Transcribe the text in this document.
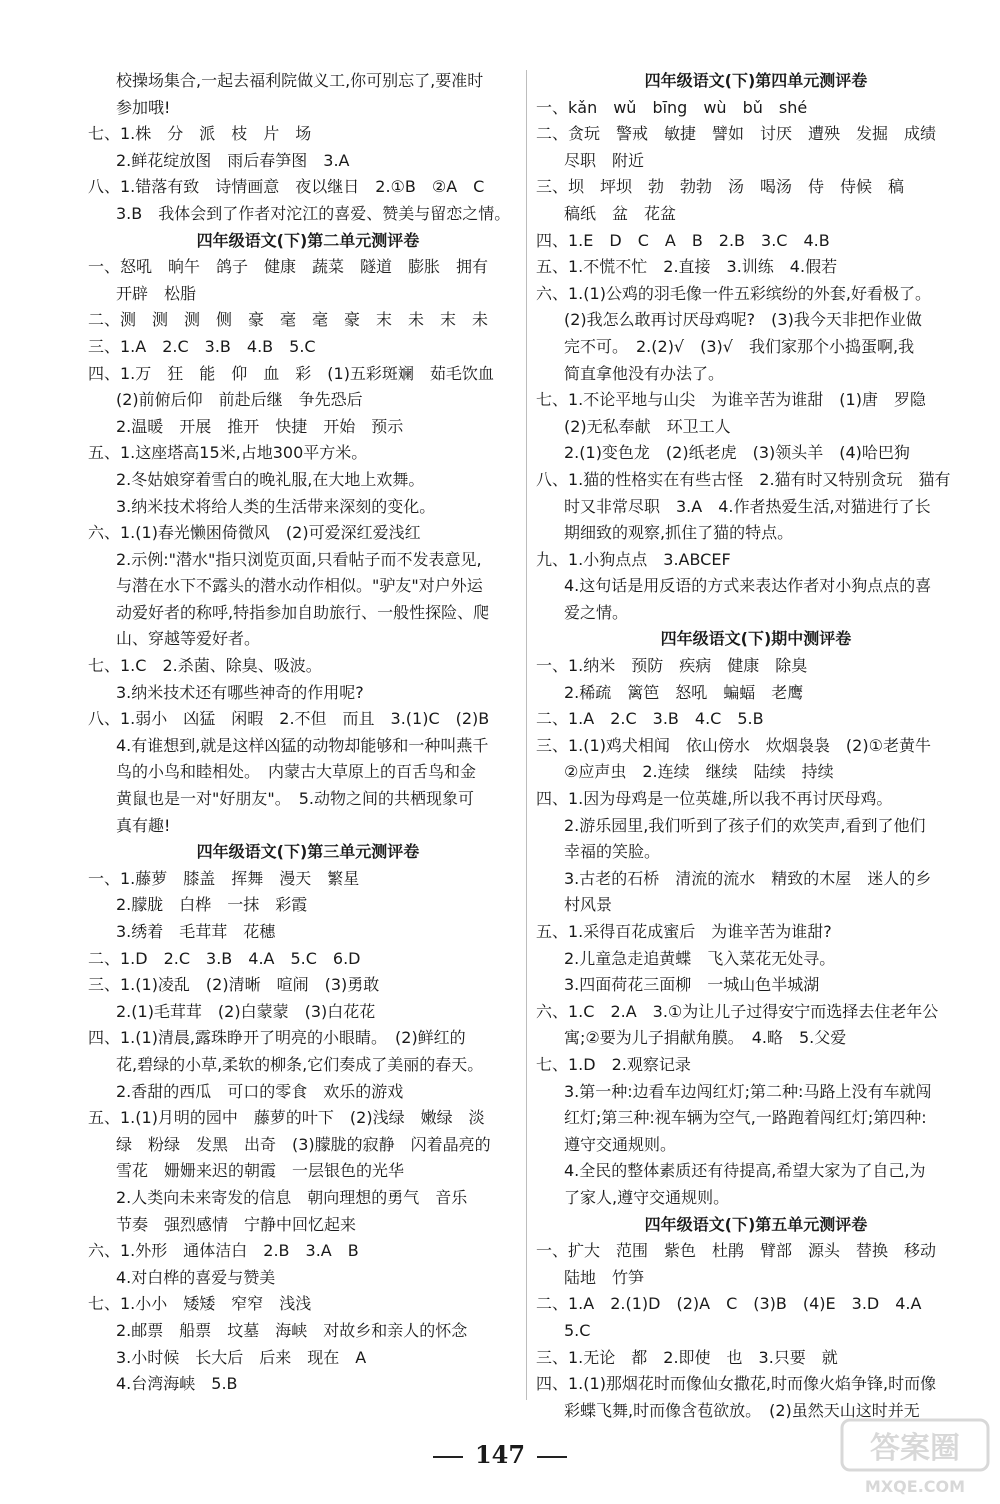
校操场集合,一起去福利院做义工,你可别忘了,要准时
参加哦!
七、1.株　分　派　枝　片　场
2.鲜花绽放图　雨后春笋图　3.A
八、1.错落有致　诗情画意　夜以继日　2.①B　②A　C
3.B　我体会到了作者对沱江的喜爱、赞美与留恋之情。
四年级语文(下)第二单元测评卷
一、怒吼　晌午　鸽子　健康　蔬菜　隧道　膨胀　拥有
开辟　松脂
二、测　测　测　侧　豪　毫　毫　豪　末　未　末　未
三、1.A　2.C　3.B　4.B　5.C
四、1.万　狂　能　仰　血　彩　(1)五彩斑斓　茹毛饮血
(2)前俯后仰　前赴后继　争先恐后
2.温暖　开展　推开　快捷　开始　预示
五、1.这座塔高15米,占地300平方米。
2.冬姑娘穿着雪白的晚礼服,在大地上欢舞。
3.纳米技术将给人类的生活带来深刻的变化。
六、1.(1)春光懒困倚微风　(2)可爱深红爱浅红
2.示例:"潜水"指只浏览页面,只看帖子而不发表意见,
与潜在水下不露头的潜水动作相似。"驴友"对户外运
动爱好者的称呼,特指参加自助旅行、一般性探险、爬
山、穿越等爱好者。
七、1.C　2.杀菌、除臭、吸波。
3.纳米技术还有哪些神奇的作用呢?
八、1.弱小　凶猛　闲暇　2.不但　而且　3.(1)C　(2)B
4.有谁想到,就是这样凶猛的动物却能够和一种叫燕千
鸟的小鸟和睦相处。　内蒙古大草原上的百舌鸟和金
黄鼠也是一对"好朋友"。　5.动物之间的共栖现象可
真有趣!
四年级语文(下)第三单元测评卷
一、1.藤萝　膝盖　挥舞　漫天　繁星
2.朦胧　白桦　一抹　彩霞
3.绣着　毛茸茸　花穗
二、1.D　2.C　3.B　4.A　5.C　6.D
三、1.(1)凌乱　(2)清晰　喧闹　(3)勇敢
2.(1)毛茸茸　(2)白蒙蒙　(3)白花花
四、1.(1)清晨,露珠睁开了明亮的小眼睛。　(2)鲜红的
花,碧绿的小草,柔软的柳条,它们奏成了美丽的春天。
2.香甜的西瓜　可口的零食　欢乐的游戏
五、1.(1)月明的园中　藤萝的叶下　(2)浅绿　嫩绿　淡
绿　粉绿　发黑　出奇　(3)朦胧的寂静　闪着晶亮的
雪花　姗姗来迟的朝霞　一层银色的光华
2.人类向未来寄发的信息　朝向理想的勇气　音乐
节奏　强烈感情　宁静中回忆起来
六、1.外形　通体洁白　2.B　3.A　B
4.对白桦的喜爱与赞美
七、1.小小　矮矮　窄窄　浅浅
2.邮票　船票　坟墓　海峡　对故乡和亲人的怀念
3.小时候　长大后　后来　现在　A
4.台湾海峡　5.B
四年级语文(下)第四单元测评卷
一、kǎn　wǔ　bīng　wù　bǔ　shé
二、贪玩　警戒　敏捷　譬如　讨厌　遭殃　发掘　成绩
尽职　附近
三、坝　坪坝　勃　勃勃　汤　喝汤　侍　侍候　稿
稿纸　盆　花盆
四、1.E　D　C　A　B　2.B　3.C　4.B
五、1.不慌不忙　2.直接　3.训练　4.假若
六、1.(1)公鸡的羽毛像一件五彩缤纷的外套,好看极了。
(2)我怎么敢再讨厌母鸡呢?　(3)我今天非把作业做
完不可。　2.(2)√　(3)√　我们家那个小捣蛋啊,我
简直拿他没有办法了。
七、1.不论平地与山尖　为谁辛苦为谁甜　(1)唐　罗隐
(2)无私奉献　环卫工人
2.(1)变色龙　(2)纸老虎　(3)领头羊　(4)哈巴狗
八、1.猫的性格实在有些古怪　2.猫有时又特别贪玩　猫有
时又非常尽职　3.A　4.作者热爱生活,对猫进行了长
期细致的观察,抓住了猫的特点。
九、1.小狗点点　3.ABCEF
4.这句话是用反语的方式来表达作者对小狗点点的喜
爱之情。
四年级语文(下)期中测评卷
一、1.纳米　预防　疾病　健康　除臭
2.稀疏　篱笆　怒吼　蝙蝠　老鹰
二、1.A　2.C　3.B　4.C　5.B
三、1.(1)鸡犬相闻　依山傍水　炊烟袅袅　(2)①老黄牛
②应声虫　2.连续　继续　陆续　持续
四、1.因为母鸡是一位英雄,所以我不再讨厌母鸡。
2.游乐园里,我们听到了孩子们的欢笑声,看到了他们
幸福的笑脸。
3.古老的石桥　清流的流水　精致的木屋　迷人的乡
村风景
五、1.采得百花成蜜后　为谁辛苦为谁甜?
2.儿童急走追黄蝶　飞入菜花无处寻。
3.四面荷花三面柳　一城山色半城湖
六、1.C　2.A　3.①为让儿子过得安宁而选择去住老年公
寓;②要为儿子捐献角膜。　4.略　5.父爱
七、1.D　2.观察记录
3.第一种:边看车边闯红灯;第二种:马路上没有车就闯
红灯;第三种:视车辆为空气,一路跑着闯红灯;第四种:
遵守交通规则。
4.全民的整体素质还有待提高,希望大家为了自己,为
了家人,遵守交通规则。
四年级语文(下)第五单元测评卷
一、扩大　范围　紫色　杜鹃　臂部　源头　替换　移动
陆地　竹笋
二、1.A　2.(1)D　(2)A　C　(3)B　(4)E　3.D　4.A
5.C
三、1.无论　都　2.即使　也　3.只要　就
四、1.(1)那烟花时而像仙女撒花,时而像火焰争锋,时而像
彩蝶飞舞,时而像含苞欲放。　(2)虽然天山这时并无
147	答案圈
MXQE.COM
